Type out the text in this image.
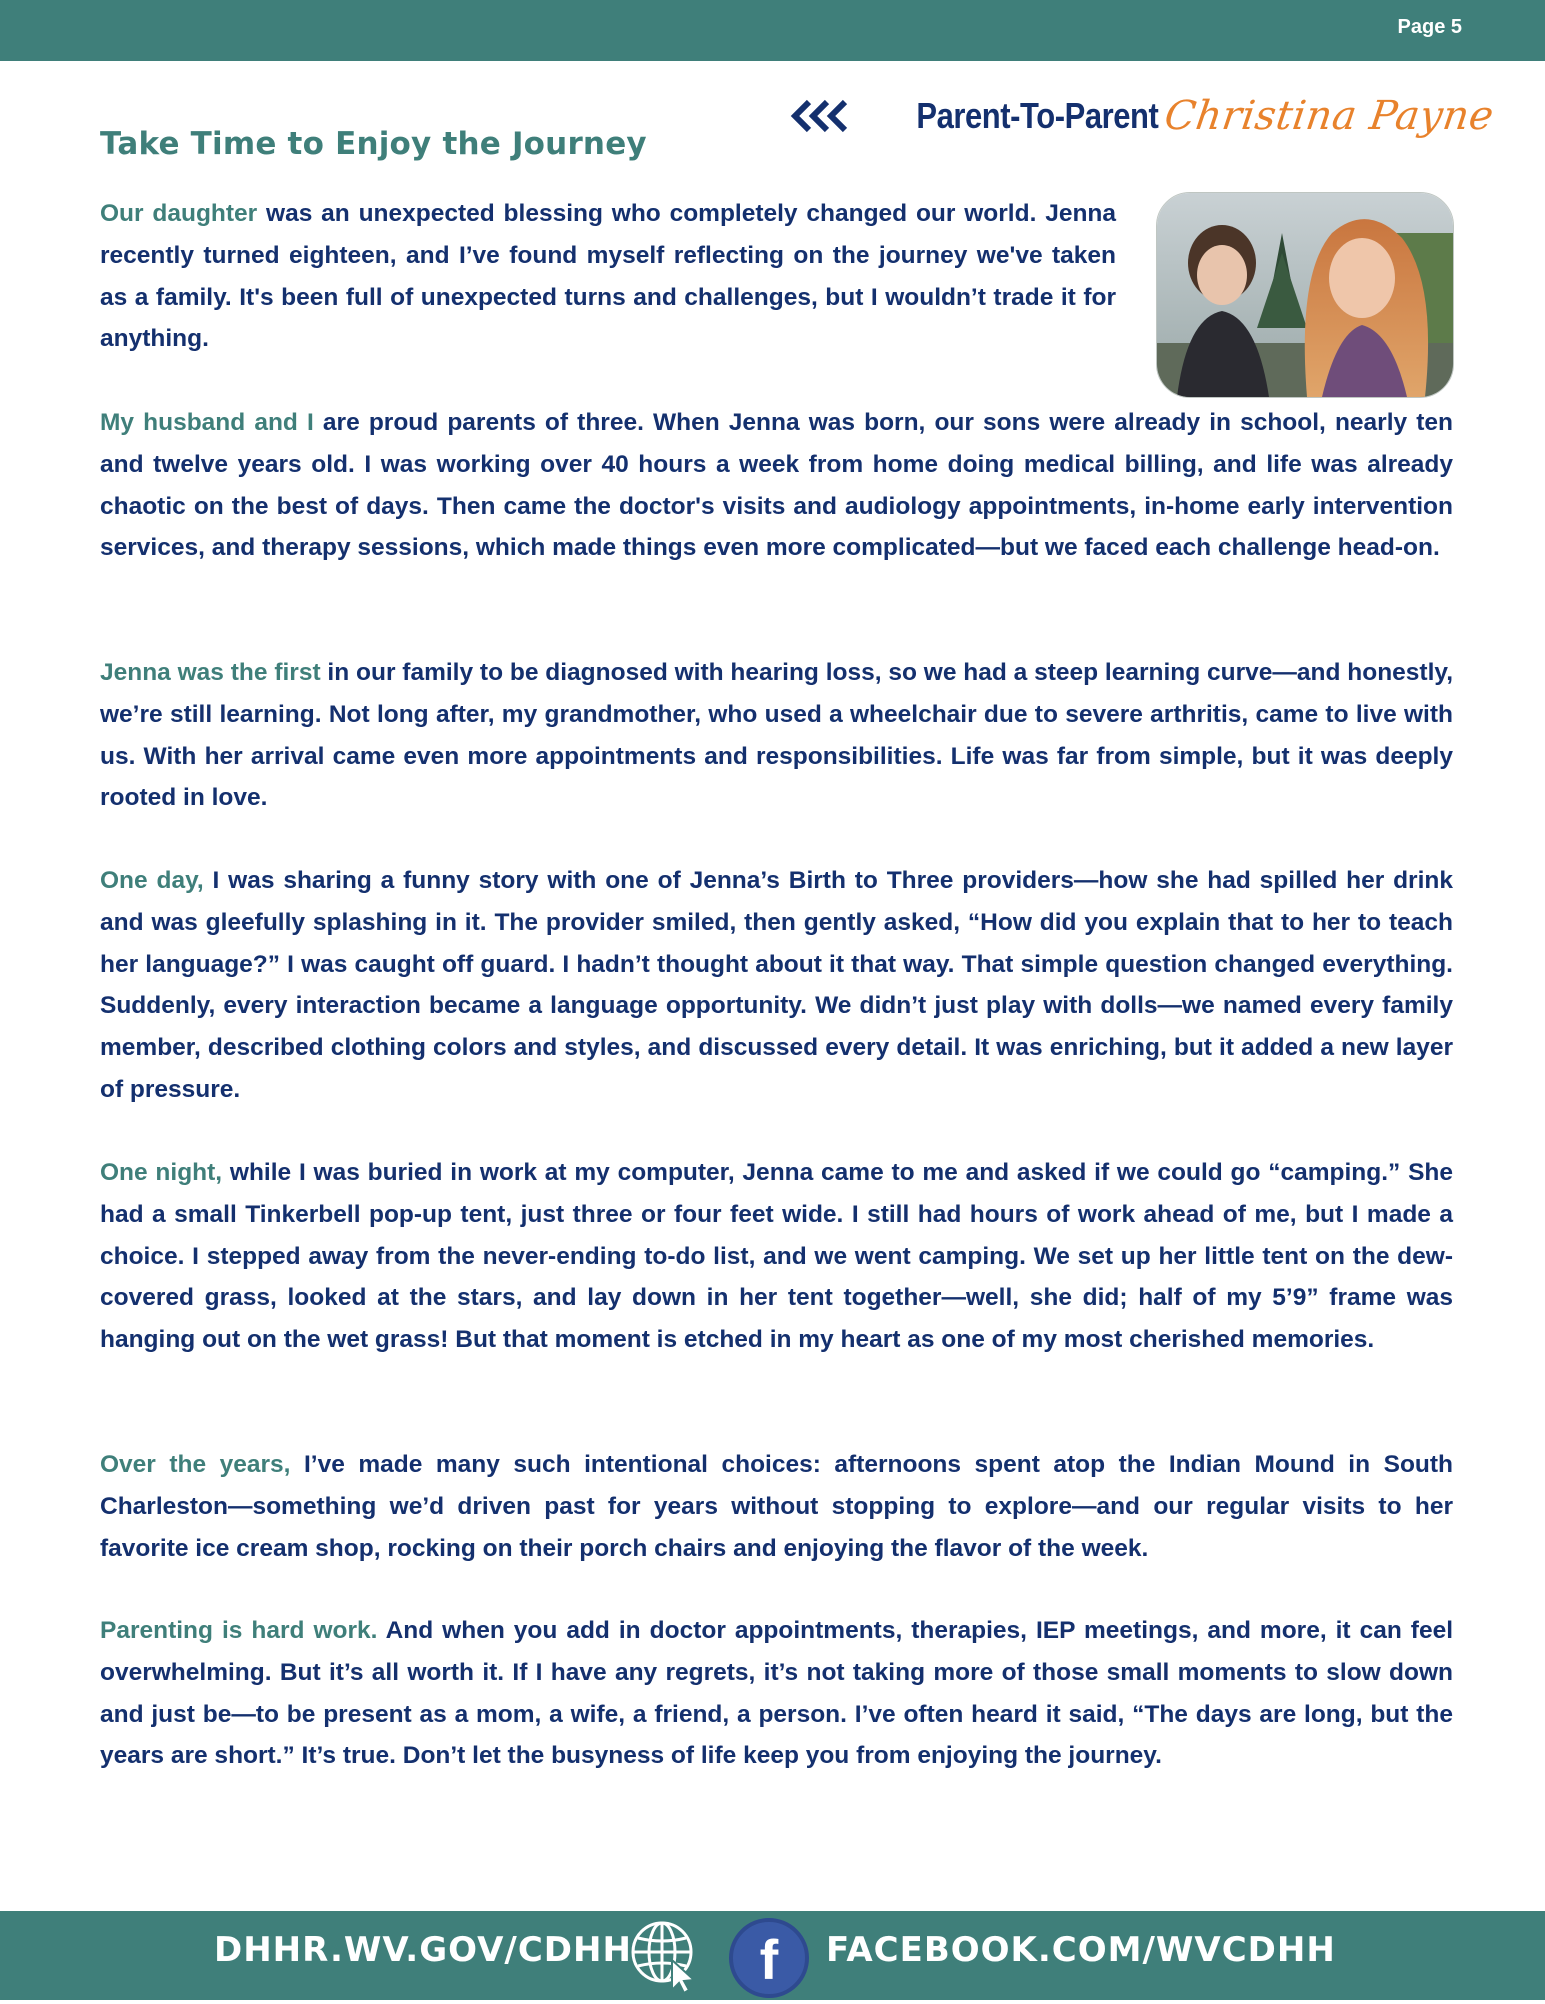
Page 5
Parent-To-Parent Christina Payne
Take Time to Enjoy the Journey

Our daughter was an unexpected blessing who completely changed our world. Jenna recently turned eighteen, and I’ve found myself reflecting on the journey we've taken as a family. It's been full of unexpected turns and challenges, but I wouldn’t trade it for anything.

My husband and I are proud parents of three. When Jenna was born, our sons were already in school, nearly ten and twelve years old. I was working over 40 hours a week from home doing medical billing, and life was already chaotic on the best of days. Then came the doctor's visits and audiology appointments, in-home early intervention services, and therapy sessions, which made things even more complicated—but we faced each challenge head-on.

Jenna was the first in our family to be diagnosed with hearing loss, so we had a steep learning curve—and honestly, we’re still learning. Not long after, my grandmother, who used a wheelchair due to severe arthritis, came to live with us. With her arrival came even more appointments and responsibilities. Life was far from simple, but it was deeply rooted in love.

One day, I was sharing a funny story with one of Jenna’s Birth to Three providers—how she had spilled her drink and was gleefully splashing in it. The provider smiled, then gently asked, “How did you explain that to her to teach her language?” I was caught off guard. I hadn’t thought about it that way. That simple question changed everything. Suddenly, every interaction became a language opportunity. We didn’t just play with dolls—we named every family member, described clothing colors and styles, and discussed every detail. It was enriching, but it added a new layer of pressure.

One night, while I was buried in work at my computer, Jenna came to me and asked if we could go “camping.” She had a small Tinkerbell pop-up tent, just three or four feet wide. I still had hours of work ahead of me, but I made a choice. I stepped away from the never-ending to-do list, and we went camping. We set up her little tent on the dew-covered grass, looked at the stars, and lay down in her tent together—well, she did; half of my 5’9” frame was hanging out on the wet grass! But that moment is etched in my heart as one of my most cherished memories.

Over the years, I’ve made many such intentional choices: afternoons spent atop the Indian Mound in South Charleston—something we’d driven past for years without stopping to explore—and our regular visits to her favorite ice cream shop, rocking on their porch chairs and enjoying the flavor of the week.

Parenting is hard work. And when you add in doctor appointments, therapies, IEP meetings, and more, it can feel overwhelming. But it’s all worth it. If I have any regrets, it’s not taking more of those small moments to slow down and just be—to be present as a mom, a wife, a friend, a person. I’ve often heard it said, “The days are long, but the years are short.” It’s true. Don’t let the busyness of life keep you from enjoying the journey.

DHHR.WV.GOV/CDHH f FACEBOOK.COM/WVCDHH
